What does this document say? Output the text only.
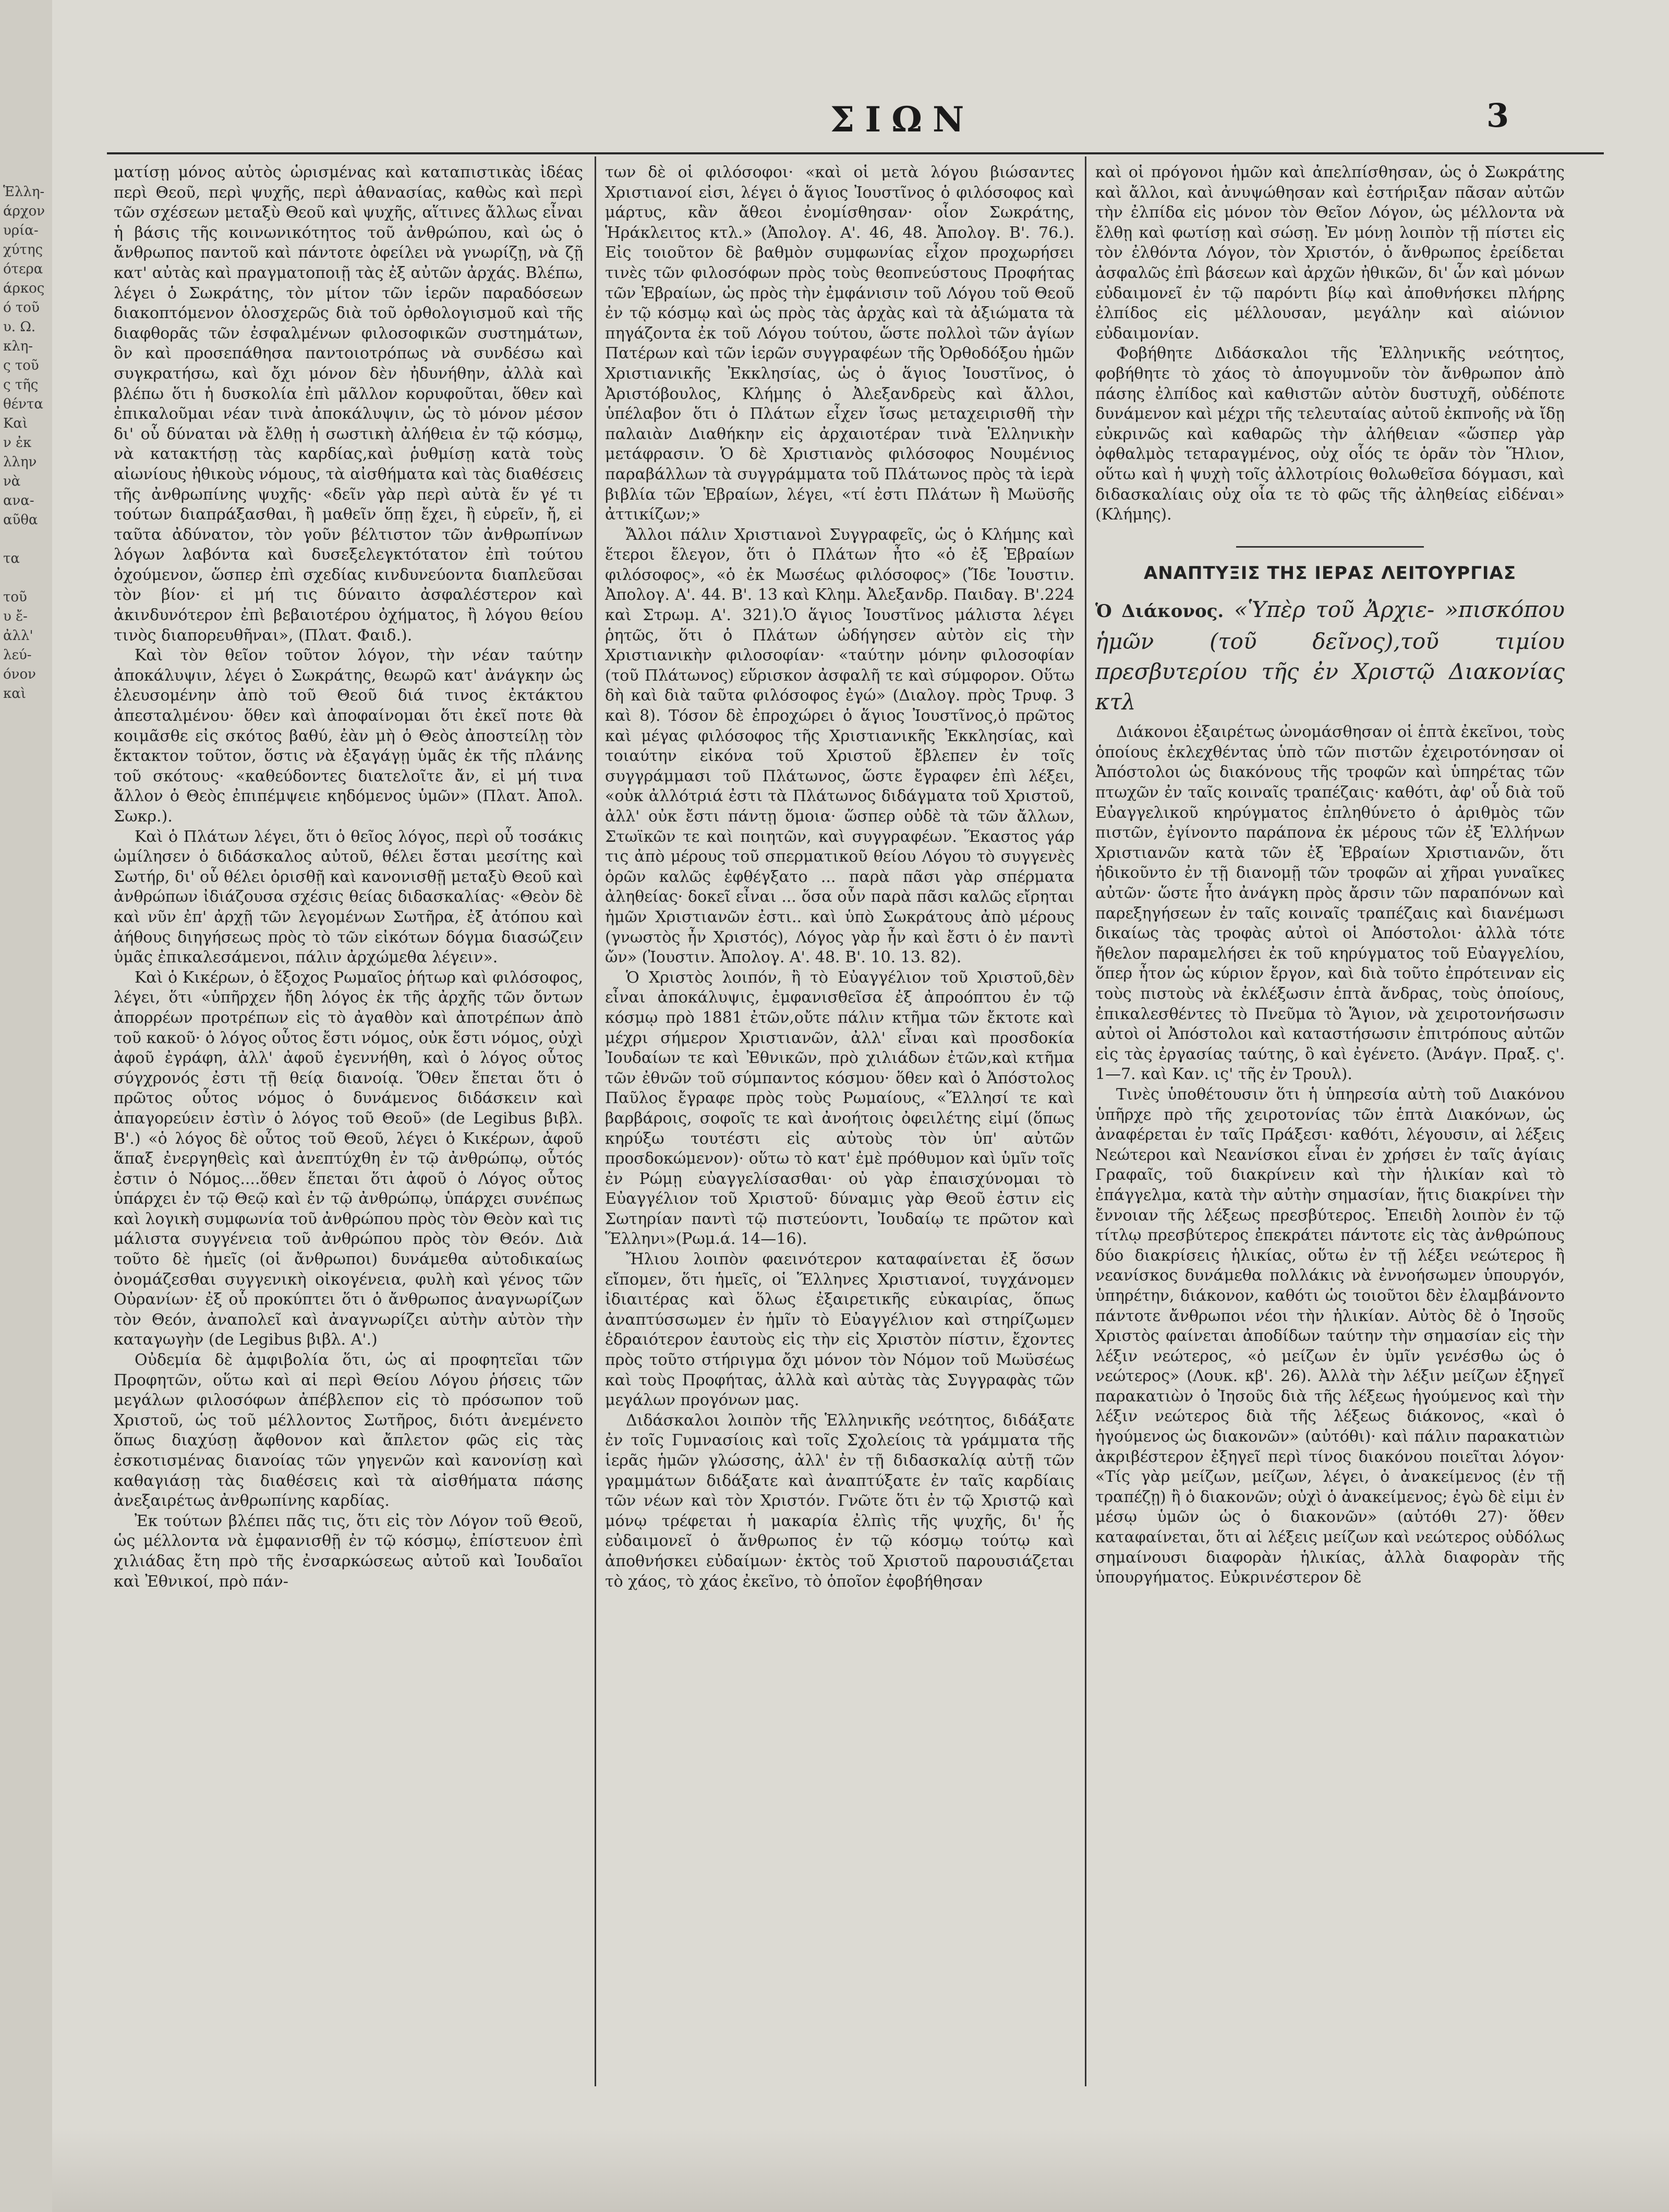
Ἑλλη-
άρχον
υρία-
χύτης
ότερα
άρκος
ό τοῦ
υ. Ω.
κλη-
ς τοῦ
ς τῆς
θέντα
Καὶ
ν ἐκ
λλην
νὰ
ανα-
αῦθα

τα

τοῦ
υ ἔ-
ἀλλ'
λεύ-
όνον
καὶ
ΣΙΩΝ	3

ματίσῃ μόνος αὐτὸς ὡρισμένας καὶ καταπιστικὰς ἰδέας περὶ Θεοῦ, περὶ ψυχῆς, περὶ ἀθανασίας, καθὼς καὶ περὶ τῶν σχέσεων μεταξὺ Θεοῦ καὶ ψυχῆς, αἵτινες ἄλλως εἶναι ἡ βάσις τῆς κοινωνικότητος τοῦ ἀνθρώπου, καὶ ὡς ὁ ἄνθρωπος παντοῦ καὶ πάντοτε ὀφείλει νὰ γνωρίζῃ, νὰ ζῇ κατ' αὐτὰς καὶ πραγματοποιῇ τὰς ἐξ αὐτῶν ἀρχάς. Βλέπω, λέγει ὁ Σωκράτης, τὸν μίτον τῶν ἱερῶν παραδόσεων διακοπτόμενον ὁλοσχερῶς διὰ τοῦ ὀρθολογισμοῦ καὶ τῆς διαφθορᾶς τῶν ἐσφαλμένων φιλοσοφικῶν συστημάτων, ὃν καὶ προσεπάθησα παντοιοτρόπως νὰ συνδέσω καὶ συγκρατήσω, καὶ ὄχι μόνον δὲν ἠδυνήθην, ἀλλὰ καὶ βλέπω ὅτι ἡ δυσκολία ἐπὶ μᾶλλον κορυφοῦται, ὅθεν καὶ ἐπικαλοῦμαι νέαν τινὰ ἀποκάλυψιν, ὡς τὸ μόνον μέσον δι' οὗ δύναται νὰ ἔλθῃ ἡ σωστικὴ ἀλήθεια ἐν τῷ κόσμῳ, νὰ κατακτήσῃ τὰς καρδίας,καὶ ῥυθμίσῃ κατὰ τοὺς αἰωνίους ἠθικοὺς νόμους, τὰ αἰσθήματα καὶ τὰς διαθέσεις τῆς ἀνθρωπίνης ψυχῆς· «δεῖν γὰρ περὶ αὐτὰ ἕν γέ τι τούτων διαπράξασθαι, ἢ μαθεῖν ὅπῃ ἔχει, ἢ εὑρεῖν, ἤ, εἰ ταῦτα ἀδύνατον, τὸν γοῦν βέλτιστον τῶν ἀνθρωπίνων λόγων λαβόντα καὶ δυσεξελεγκτότατον ἐπὶ τούτου ὀχούμενον, ὥσπερ ἐπὶ σχεδίας κινδυνεύοντα διαπλεῦσαι τὸν βίον· εἰ μή τις δύναιτο ἀσφαλέστερον καὶ ἀκινδυνότερον ἐπὶ βεβαιοτέρου ὀχήματος, ἢ λόγου θείου τινὸς διαπορευθῆναι», (Πλατ. Φαιδ.).

Καὶ τὸν θεῖον τοῦτον λόγον, τὴν νέαν ταύτην ἀποκάλυψιν, λέγει ὁ Σωκράτης, θεωρῶ κατ' ἀνάγκην ὡς ἐλευσομένην ἀπὸ τοῦ Θεοῦ διά τινος ἐκτάκτου ἀπεσταλμένου· ὅθεν καὶ ἀποφαίνομαι ὅτι ἐκεῖ ποτε θὰ κοιμᾶσθε εἰς σκότος βαθύ, ἐὰν μὴ ὁ Θεὸς ἀποστείλῃ τὸν ἔκτακτον τοῦτον, ὅστις νὰ ἐξαγάγῃ ὑμᾶς ἐκ τῆς πλάνης τοῦ σκότους· «καθεύδοντες διατελοῖτε ἄν, εἰ μή τινα ἄλλον ὁ Θεὸς ἐπιπέμψειε κηδόμενος ὑμῶν» (Πλατ. Ἀπολ. Σωκρ.).

Καὶ ὁ Πλάτων λέγει, ὅτι ὁ θεῖος λόγος, περὶ οὗ τοσάκις ὡμίλησεν ὁ διδάσκαλος αὐτοῦ, θέλει ἔσται μεσίτης καὶ Σωτήρ, δι' οὗ θέλει ὁρισθῇ καὶ κανονισθῇ μεταξὺ Θεοῦ καὶ ἀνθρώπων ἰδιάζουσα σχέσις θείας διδασκαλίας· «Θεὸν δὲ καὶ νῦν ἐπ' ἀρχῇ τῶν λεγομένων Σωτῆρα, ἐξ ἀτόπου καὶ ἀήθους διηγήσεως πρὸς τὸ τῶν εἰκότων δόγμα διασώζειν ὑμᾶς ἐπικαλεσάμενοι, πάλιν ἀρχώμεθα λέγειν».

Καὶ ὁ Κικέρων, ὁ ἔξοχος Ρωμαῖος ῥήτωρ καὶ φιλόσοφος, λέγει, ὅτι «ὑπῆρχεν ἤδη λόγος ἐκ τῆς ἀρχῆς τῶν ὄντων ἀπορρέων προτρέπων εἰς τὸ ἀγαθὸν καὶ ἀποτρέπων ἀπὸ τοῦ κακοῦ· ὁ λόγος οὗτος ἔστι νόμος, οὐκ ἔστι νόμος, οὐχὶ ἀφοῦ ἐγράφη, ἀλλ' ἀφοῦ ἐγεννήθη, καὶ ὁ λόγος οὗτος σύγχρονός ἐστι τῇ θείᾳ διανοίᾳ. Ὅθεν ἔπεται ὅτι ὁ πρῶτος οὗτος νόμος ὁ δυνάμενος διδάσκειν καὶ ἀπαγορεύειν ἐστὶν ὁ λόγος τοῦ Θεοῦ» (de Legibus βιβλ. Β'.) «ὁ λόγος δὲ οὗτος τοῦ Θεοῦ, λέγει ὁ Κικέρων, ἀφοῦ ἅπαξ ἐνεργηθεὶς καὶ ἀνεπτύχθη ἐν τῷ ἀνθρώπῳ, οὗτός ἐστιν ὁ Νόμος....ὅθεν ἕπεται ὅτι ἀφοῦ ὁ Λόγος οὗτος ὑπάρχει ἐν τῷ Θεῷ καὶ ἐν τῷ ἀνθρώπῳ, ὑπάρχει συνέπως καὶ λογικὴ συμφωνία τοῦ ἀνθρώπου πρὸς τὸν Θεὸν καὶ τις μάλιστα συγγένεια τοῦ ἀνθρώπου πρὸς τὸν Θεόν. Διὰ τοῦτο δὲ ἡμεῖς (οἱ ἄνθρωποι) δυνάμεθα αὐτοδικαίως ὀνομάζεσθαι συγγενικὴ οἰκογένεια, φυλὴ καὶ γένος τῶν Οὐρανίων· ἐξ οὗ προκύπτει ὅτι ὁ ἄνθρωπος ἀναγνωρίζων τὸν Θεόν, ἀναπολεῖ καὶ ἀναγνωρίζει αὐτὴν αὐτὸν τὴν καταγωγὴν (de Legibus βιβλ. Α'.)

Οὐδεμία δὲ ἀμφιβολία ὅτι, ὡς αἱ προφητεῖαι τῶν Προφητῶν, οὕτω καὶ αἱ περὶ Θείου Λόγου ῥήσεις τῶν μεγάλων φιλοσόφων ἀπέβλεπον εἰς τὸ πρόσωπον τοῦ Χριστοῦ, ὡς τοῦ μέλλοντος Σωτῆρος, διότι ἀνεμένετο ὅπως διαχύσῃ ἄφθονον καὶ ἄπλετον φῶς εἰς τὰς ἐσκοτισμένας διανοίας τῶν γηγενῶν καὶ κανονίσῃ καὶ καθαγιάσῃ τὰς διαθέσεις καὶ τὰ αἰσθήματα πάσης ἀνεξαιρέτως ἀνθρωπίνης καρδίας.

Ἐκ τούτων βλέπει πᾶς τις, ὅτι εἰς τὸν Λόγον τοῦ Θεοῦ, ὡς μέλλοντα νὰ ἐμφανισθῇ ἐν τῷ κόσμῳ, ἐπίστευον ἐπὶ χιλιάδας ἔτη πρὸ τῆς ἐνσαρκώσεως αὐτοῦ καὶ Ἰουδαῖοι καὶ Ἐθνικοί, πρὸ πάν-

των δὲ οἱ φιλόσοφοι· «καὶ οἱ μετὰ λόγου βιώσαντες Χριστιανοί εἰσι, λέγει ὁ ἅγιος Ἰουστῖνος ὁ φιλόσοφος καὶ μάρτυς, κἂν ἄθεοι ἐνομίσθησαν· οἷον Σωκράτης, Ἡράκλειτος κτλ.» (Ἀπολογ. Α'. 46, 48. Ἀπολογ. Β'. 76.). Εἰς τοιοῦτον δὲ βαθμὸν συμφωνίας εἶχον προχωρήσει τινὲς τῶν φιλοσόφων πρὸς τοὺς θεοπνεύστους Προφήτας τῶν Ἑβραίων, ὡς πρὸς τὴν ἐμφάνισιν τοῦ Λόγου τοῦ Θεοῦ ἐν τῷ κόσμῳ καὶ ὡς πρὸς τὰς ἀρχὰς καὶ τὰ ἀξιώματα τὰ πηγάζοντα ἐκ τοῦ Λόγου τούτου, ὥστε πολλοὶ τῶν ἁγίων Πατέρων καὶ τῶν ἱερῶν συγγραφέων τῆς Ὀρθοδόξου ἡμῶν Χριστιανικῆς Ἐκκλησίας, ὡς ὁ ἅγιος Ἰουστῖνος, ὁ Ἀριστόβουλος, Κλήμης ὁ Ἀλεξανδρεὺς καὶ ἄλλοι, ὑπέλαβον ὅτι ὁ Πλάτων εἶχεν ἴσως μεταχειρισθῆ τὴν παλαιὰν Διαθήκην εἰς ἀρχαιοτέραν τινὰ Ἑλληνικὴν μετάφρασιν. Ὁ δὲ Χριστιανὸς φιλόσοφος Νουμένιος παραβάλλων τὰ συγγράμματα τοῦ Πλάτωνος πρὸς τὰ ἱερὰ βιβλία τῶν Ἑβραίων, λέγει, «τί ἐστι Πλάτων ἢ Μωϋσῆς ἀττικίζων;»

Ἄλλοι πάλιν Χριστιανοὶ Συγγραφεῖς, ὡς ὁ Κλήμης καὶ ἕτεροι ἔλεγον, ὅτι ὁ Πλάτων ἦτο «ὁ ἐξ Ἑβραίων φιλόσοφος», «ὁ ἐκ Μωσέως φιλόσοφος» (Ἴδε Ἰουστιν. Ἀπολογ. Α'. 44. Β'. 13 καὶ Κλημ. Ἀλεξανδρ. Παιδαγ. Β'.224 καὶ Στρωμ. Α'. 321).Ὁ ἅγιος Ἰουστῖνος μάλιστα λέγει ῥητῶς, ὅτι ὁ Πλάτων ὡδήγησεν αὐτὸν εἰς τὴν Χριστιανικὴν φιλοσοφίαν· «ταύτην μόνην φιλοσοφίαν (τοῦ Πλάτωνος) εὕρισκον ἀσφαλῆ τε καὶ σύμφορον. Οὕτω δὴ καὶ διὰ ταῦτα φιλόσοφος ἐγώ» (Διαλογ. πρὸς Τρυφ. 3 καὶ 8). Τόσον δὲ ἐπροχώρει ὁ ἅγιος Ἰουστῖνος,ὁ πρῶτος καὶ μέγας φιλόσοφος τῆς Χριστιανικῆς Ἐκκλησίας, καὶ τοιαύτην εἰκόνα τοῦ Χριστοῦ ἔβλεπεν ἐν τοῖς συγγράμμασι τοῦ Πλάτωνος, ὥστε ἔγραφεν ἐπὶ λέξει, «οὐκ ἀλλότριά ἐστι τὰ Πλάτωνος διδάγματα τοῦ Χριστοῦ, ἀλλ' οὐκ ἔστι πάντῃ ὅμοια· ὥσπερ οὐδὲ τὰ τῶν ἄλλων, Στωϊκῶν τε καὶ ποιητῶν, καὶ συγγραφέων. Ἕκαστος γάρ τις ἀπὸ μέρους τοῦ σπερματικοῦ θείου Λόγου τὸ συγγενὲς ὁρῶν καλῶς ἐφθέγξατο ... παρὰ πᾶσι γὰρ σπέρματα ἀληθείας· δοκεῖ εἶναι ... ὅσα οὖν παρὰ πᾶσι καλῶς εἴρηται ἡμῶν Χριστιανῶν ἐστι.. καὶ ὑπὸ Σωκράτους ἀπὸ μέρους (γνωστὸς ἦν Χριστός), Λόγος γὰρ ἦν καὶ ἔστι ὁ ἐν παντὶ ὤν» (Ἰουστιν. Ἀπολογ. Α'. 48. Β'. 10. 13. 82).

Ὁ Χριστὸς λοιπόν, ἢ τὸ Εὐαγγέλιον τοῦ Χριστοῦ,δὲν εἶναι ἀποκάλυψις, ἐμφανισθεῖσα ἐξ ἀπροόπτου ἐν τῷ κόσμῳ πρὸ 1881 ἐτῶν,οὔτε πάλιν κτῆμα τῶν ἔκτοτε καὶ μέχρι σήμερον Χριστιανῶν, ἀλλ' εἶναι καὶ προσδοκία Ἰουδαίων τε καὶ Ἐθνικῶν, πρὸ χιλιάδων ἐτῶν,καὶ κτῆμα τῶν ἐθνῶν τοῦ σύμπαντος κόσμου· ὅθεν καὶ ὁ Ἀπόστολος Παῦλος ἔγραφε πρὸς τοὺς Ρωμαίους, «Ἕλλησί τε καὶ βαρβάροις, σοφοῖς τε καὶ ἀνοήτοις ὀφειλέτης εἰμί (ὅπως κηρύξω τουτέστι εἰς αὐτοὺς τὸν ὑπ' αὐτῶν προσδοκώμενον)· οὕτω τὸ κατ' ἐμὲ πρόθυμον καὶ ὑμῖν τοῖς ἐν Ρώμῃ εὐαγγελίσασθαι· οὐ γὰρ ἐπαισχύνομαι τὸ Εὐαγγέλιον τοῦ Χριστοῦ· δύναμις γὰρ Θεοῦ ἐστιν εἰς Σωτηρίαν παντὶ τῷ πιστεύοντι, Ἰουδαίῳ τε πρῶτον καὶ Ἕλληνι»(Ρωμ.ά. 14—16).

Ἤλιου λοιπὸν φαεινότερον καταφαίνεται ἐξ ὅσων εἴπομεν, ὅτι ἡμεῖς, οἱ Ἕλληνες Χριστιανοί, τυγχάνομεν ἰδιαιτέρας καὶ ὅλως ἐξαιρετικῆς εὐκαιρίας, ὅπως ἀναπτύσσωμεν ἐν ἡμῖν τὸ Εὐαγγέλιον καὶ στηρίζωμεν ἑδραιότερον ἑαυτοὺς εἰς τὴν εἰς Χριστὸν πίστιν, ἔχοντες πρὸς τοῦτο στήριγμα ὄχι μόνον τὸν Νόμον τοῦ Μωϋσέως καὶ τοὺς Προφήτας, ἀλλὰ καὶ αὐτὰς τὰς Συγγραφὰς τῶν μεγάλων προγόνων μας.

Διδάσκαλοι λοιπὸν τῆς Ἑλληνικῆς νεότητος, διδάξατε ἐν τοῖς Γυμνασίοις καὶ τοῖς Σχολείοις τὰ γράμματα τῆς ἱερᾶς ἡμῶν γλώσσης, ἀλλ' ἐν τῇ διδασκαλίᾳ αὐτῇ τῶν γραμμάτων διδάξατε καὶ ἀναπτύξατε ἐν ταῖς καρδίαις τῶν νέων καὶ τὸν Χριστόν. Γνῶτε ὅτι ἐν τῷ Χριστῷ καὶ μόνῳ τρέφεται ἡ μακαρία ἐλπὶς τῆς ψυχῆς, δι' ἧς εὐδαιμονεῖ ὁ ἄνθρωπος ἐν τῷ κόσμῳ τούτῳ καὶ ἀποθνήσκει εὐδαίμων· ἐκτὸς τοῦ Χριστοῦ παρουσιάζεται τὸ χάος, τὸ χάος ἐκεῖνο, τὸ ὁποῖον ἐφοβήθησαν

καὶ οἱ πρόγονοι ἡμῶν καὶ ἀπελπίσθησαν, ὡς ὁ Σωκράτης καὶ ἄλλοι, καὶ ἀνυψώθησαν καὶ ἐστήριξαν πᾶσαν αὐτῶν τὴν ἐλπίδα εἰς μόνον τὸν Θεῖον Λόγον, ὡς μέλλοντα νὰ ἔλθῃ καὶ φωτίσῃ καὶ σώσῃ. Ἐν μόνῃ λοιπὸν τῇ πίστει εἰς τὸν ἐλθόντα Λόγον, τὸν Χριστόν, ὁ ἄνθρωπος ἐρείδεται ἀσφαλῶς ἐπὶ βάσεων καὶ ἀρχῶν ἠθικῶν, δι' ὧν καὶ μόνων εὐδαιμονεῖ ἐν τῷ παρόντι βίῳ καὶ ἀποθνήσκει πλήρης ἐλπίδος εἰς μέλλουσαν, μεγάλην καὶ αἰώνιον εὐδαιμονίαν.

Φοβήθητε Διδάσκαλοι τῆς Ἑλληνικῆς νεότητος, φοβήθητε τὸ χάος τὸ ἀπογυμνοῦν τὸν ἄνθρωπον ἀπὸ πάσης ἐλπίδος καὶ καθιστῶν αὐτὸν δυστυχῆ, οὐδέποτε δυνάμενον καὶ μέχρι τῆς τελευταίας αὐτοῦ ἐκπνοῆς νὰ ἴδῃ εὐκρινῶς καὶ καθαρῶς τὴν ἀλήθειαν «ὥσπερ γὰρ ὀφθαλμὸς τεταραγμένος, οὐχ οἷός τε ὁρᾶν τὸν Ἥλιον, οὕτω καὶ ἡ ψυχὴ τοῖς ἀλλοτρίοις θολωθεῖσα δόγμασι, καὶ διδασκαλίαις οὐχ οἷα τε τὸ φῶς τῆς ἀληθείας εἰδέναι» (Κλήμης).

ΑΝΑΠΤΥΞΙΣ ΤΗΣ ΙΕΡΑΣ ΛΕΙΤΟΥΡΓΙΑΣ

Ὁ Διάκονος. «Ὑπὲρ τοῦ Ἀρχιε- »πισκόπου ἡμῶν (τοῦ δεῖνος),τοῦ τιμίου πρεσβυτερίου τῆς ἐν Χριστῷ Διακονίας κτλ

Διάκονοι ἐξαιρέτως ὠνομάσθησαν οἱ ἑπτὰ ἐκεῖνοι, τοὺς ὁποίους ἐκλεχθέντας ὑπὸ τῶν πιστῶν ἐχειροτόνησαν οἱ Ἀπόστολοι ὡς διακόνους τῆς τροφῶν καὶ ὑπηρέτας τῶν πτωχῶν ἐν ταῖς κοιναῖς τραπέζαις· καθότι, ἀφ' οὗ διὰ τοῦ Εὐαγγελικοῦ κηρύγματος ἐπληθύνετο ὁ ἀριθμὸς τῶν πιστῶν, ἐγίνοντο παράπονα ἐκ μέρους τῶν ἐξ Ἑλλήνων Χριστιανῶν κατὰ τῶν ἐξ Ἑβραίων Χριστιανῶν, ὅτι ἠδικοῦντο ἐν τῇ διανομῇ τῶν τροφῶν αἱ χῆραι γυναῖκες αὐτῶν· ὥστε ἦτο ἀνάγκη πρὸς ἄρσιν τῶν παραπόνων καὶ παρεξηγήσεων ἐν ταῖς κοιναῖς τραπέζαις καὶ διανέμωσι δικαίως τὰς τροφὰς αὐτοὶ οἱ Ἀπόστολοι· ἀλλὰ τότε ἤθελον παραμελήσει ἐκ τοῦ κηρύγματος τοῦ Εὐαγγελίου, ὅπερ ἦτον ὡς κύριον ἔργον, καὶ διὰ τοῦτο ἐπρότειναν εἰς τοὺς πιστοὺς νὰ ἐκλέξωσιν ἑπτὰ ἄνδρας, τοὺς ὁποίους, ἐπικαλεσθέντες τὸ Πνεῦμα τὸ Ἅγιον, νὰ χειροτονήσωσιν αὐτοὶ οἱ Ἀπόστολοι καὶ καταστήσωσιν ἐπιτρόπους αὐτῶν εἰς τὰς ἐργασίας ταύτης, ὃ καὶ ἐγένετο. (Ἀνάγν. Πραξ. ς'. 1—7. καὶ Καν. ις' τῆς ἐν Τρουλ).

Τινὲς ὑποθέτουσιν ὅτι ἡ ὑπηρεσία αὐτὴ τοῦ Διακόνου ὑπῆρχε πρὸ τῆς χειροτονίας τῶν ἑπτὰ Διακόνων, ὡς ἀναφέρεται ἐν ταῖς Πράξεσι· καθότι, λέγουσιν, αἱ λέξεις Νεώτεροι καὶ Νεανίσκοι εἶναι ἐν χρήσει ἐν ταῖς ἁγίαις Γραφαῖς, τοῦ διακρίνειν καὶ τὴν ἡλικίαν καὶ τὸ ἐπάγγελμα, κατὰ τὴν αὐτὴν σημασίαν, ἥτις διακρίνει τὴν ἔννοιαν τῆς λέξεως πρεσβύτερος. Ἐπειδὴ λοιπὸν ἐν τῷ τίτλῳ πρεσβύτερος ἐπεκράτει πάντοτε εἰς τὰς ἀνθρώπους δύο διακρίσεις ἡλικίας, οὕτω ἐν τῇ λέξει νεώτερος ἢ νεανίσκος δυνάμεθα πολλάκις νὰ ἐννοήσωμεν ὑπουργόν, ὑπηρέτην, διάκονον, καθότι ὡς τοιοῦτοι δὲν ἐλαμβάνοντο πάντοτε ἄνθρωποι νέοι τὴν ἡλικίαν. Αὐτὸς δὲ ὁ Ἰησοῦς Χριστὸς φαίνεται ἀποδίδων ταύτην τὴν σημασίαν εἰς τὴν λέξιν νεώτερος, «ὁ μείζων ἐν ὑμῖν γενέσθω ὡς ὁ νεώτερος» (Λουκ. κβ'. 26). Ἀλλὰ τὴν λέξιν μείζων ἐξηγεῖ παρακατιὼν ὁ Ἰησοῦς διὰ τῆς λέξεως ἡγούμενος καὶ τὴν λέξιν νεώτερος διὰ τῆς λέξεως διάκονος, «καὶ ὁ ἡγούμενος ὡς διακονῶν» (αὐτόθι)· καὶ πάλιν παρακατιὼν ἀκριβέστερον ἐξηγεῖ περὶ τίνος διακόνου ποιεῖται λόγον· «Τίς γὰρ μείζων, μείζων, λέγει, ὁ ἀνακείμενος (ἐν τῇ τραπέζῃ) ἢ ὁ διακονῶν; οὐχὶ ὁ ἀνακείμενος; ἐγὼ δὲ εἰμι ἐν μέσῳ ὑμῶν ὡς ὁ διακονῶν» (αὐτόθι 27)· ὅθεν καταφαίνεται, ὅτι αἱ λέξεις μείζων καὶ νεώτερος οὐδόλως σημαίνουσι διαφορὰν ἡλικίας, ἀλλὰ διαφορὰν τῆς ὑπουργήματος. Εὐκρινέστερον δὲ
